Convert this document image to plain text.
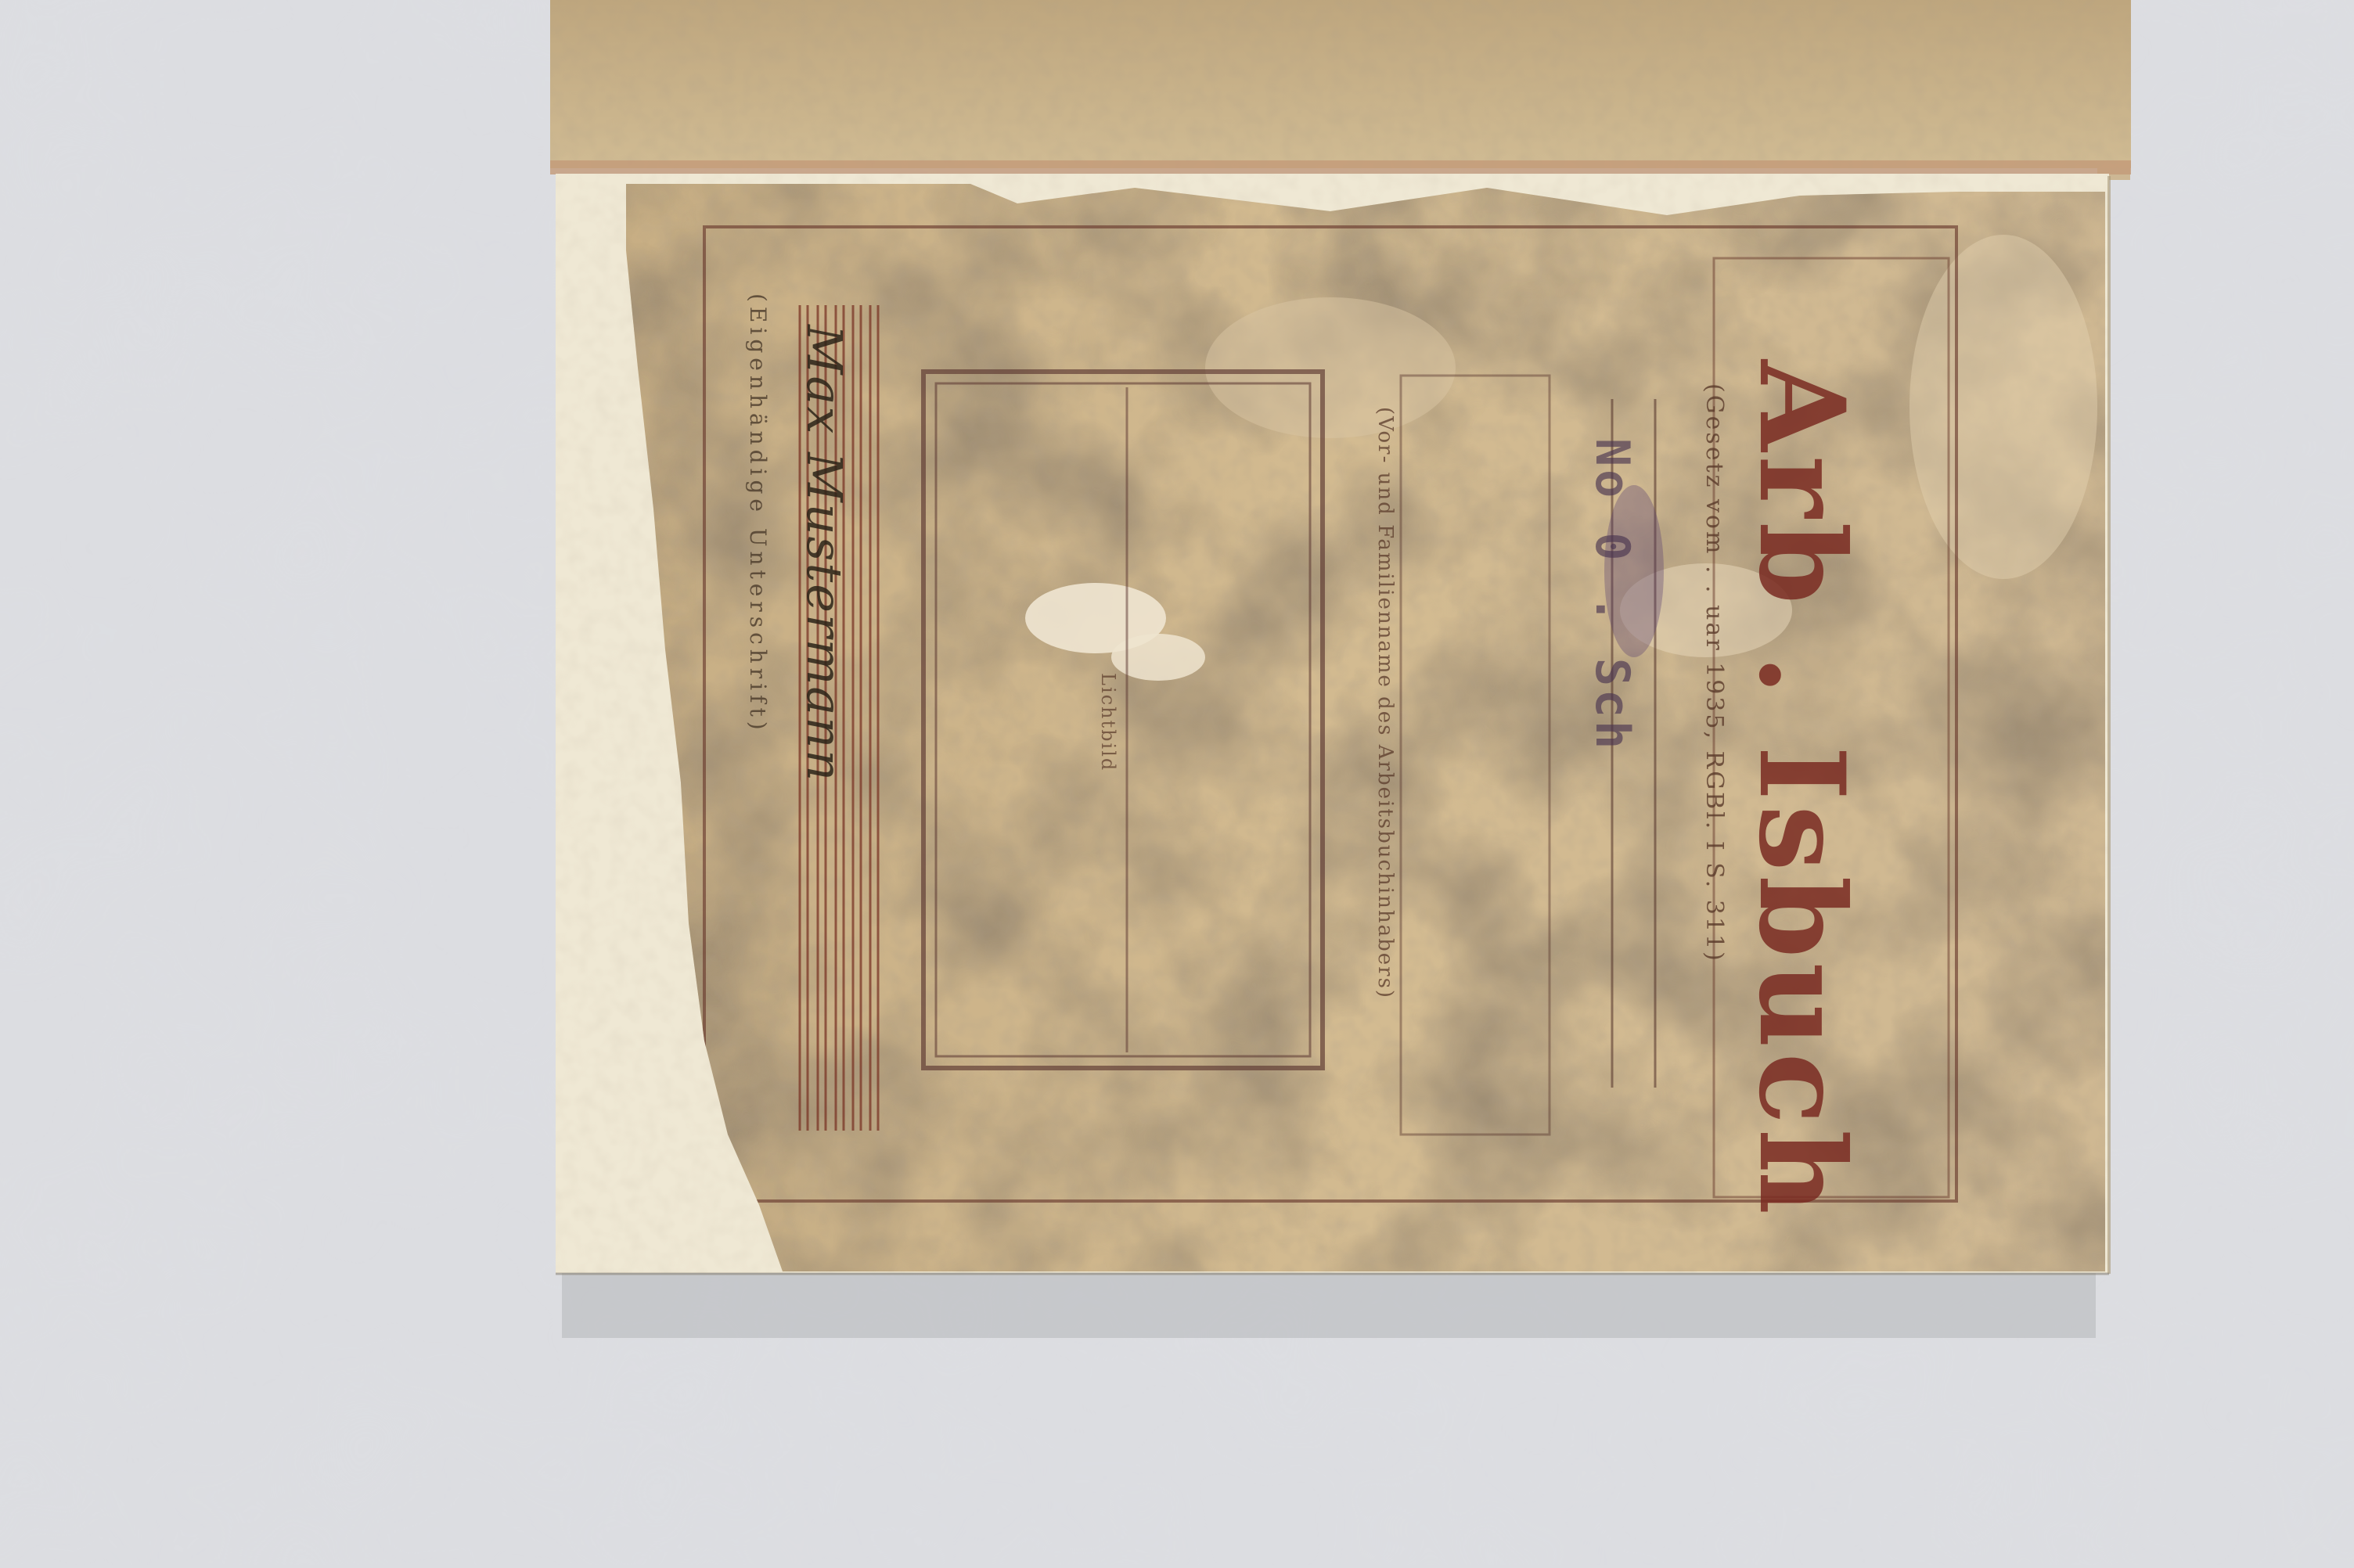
Arb . Isbuch
(Gesetz vom . . uar 1935, RGBl. I S. 311)
No 0 . Sch
(Vor- und Familienname des Arbeitsbuchinhabers)
Lichtbild
Max Mustermann
(Eigenhändige Unterschrift)
